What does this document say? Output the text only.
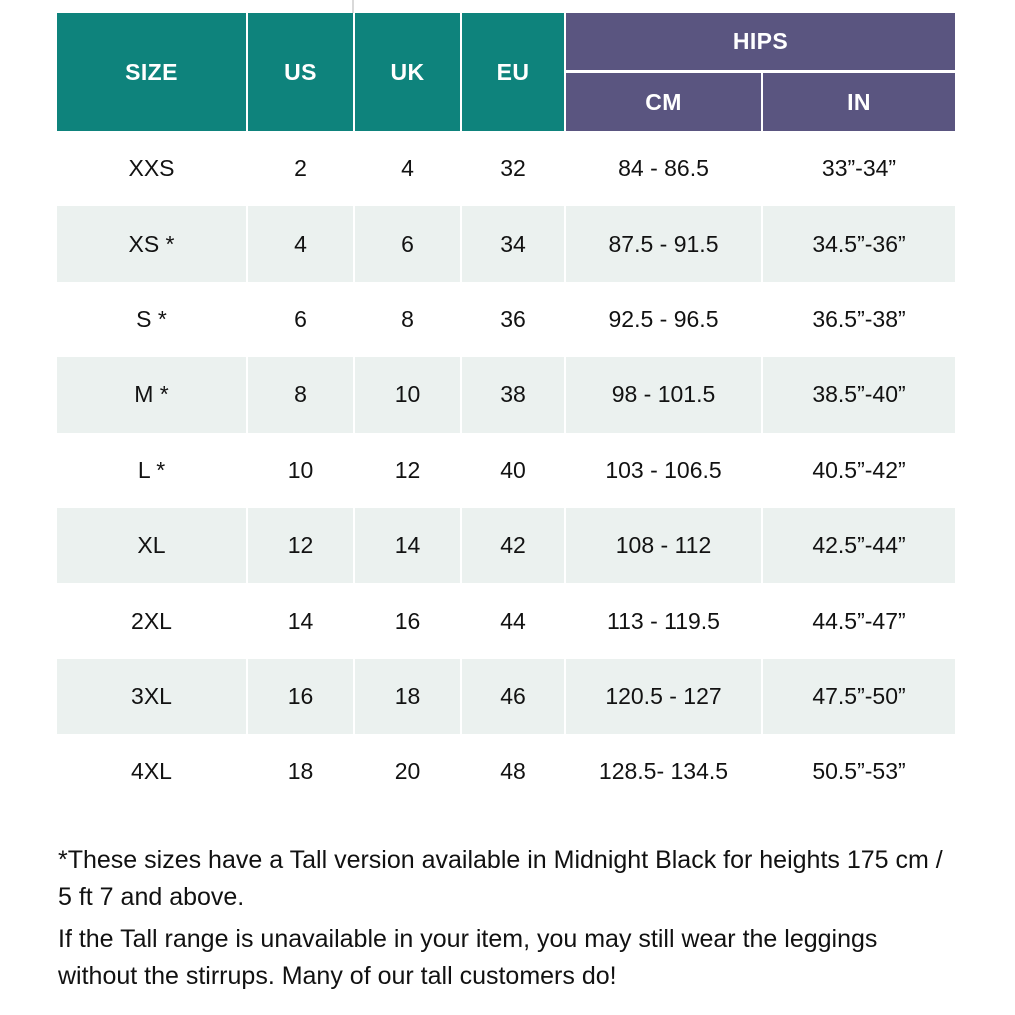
SIZE	US	UK	EU
HIPS
CM	IN
XXS	2	4	32	84 - 86.5	33”-34”
XS *	4	6	34	87.5 - 91.5	34.5”-36”
S *	6	8	36	92.5 - 96.5	36.5”-38”
M *	8	10	38	98 - 101.5	38.5”-40”
L *	10	12	40	103 - 106.5	40.5”-42”
XL	12	14	42	108 - 112	42.5”-44”
2XL	14	16	44	113 - 119.5	44.5”-47”
3XL	16	18	46	120.5 - 127	47.5”-50”
4XL	18	20	48	128.5- 134.5	50.5”-53”
*These sizes have a Tall version available in Midnight Black for heights 175 cm /
5 ft 7 and above.
If the Tall range is unavailable in your item, you may still wear the leggings
without the stirrups. Many of our tall customers do!
